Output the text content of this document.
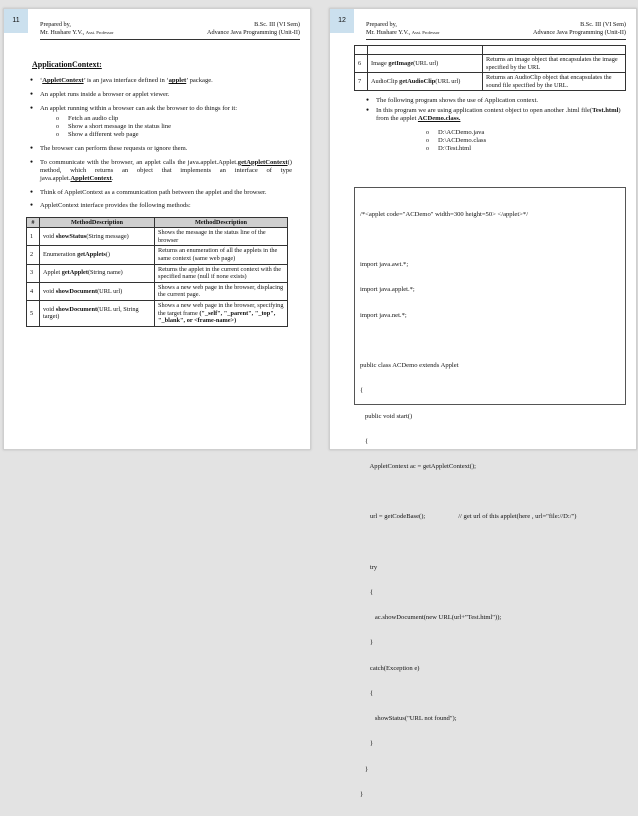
11
Prepared by,
Mr. Hushare Y.V., Asst. Professor
B.Sc. III (VI Sem)
Advance Java Programming (Unit-II)
ApplicationContext:
● ‘AppletContext’ is an java interface defined in ‘applet’ package.
● An applet runs inside a browser or applet viewer.
● An applet running within a browser can ask the browser to do things for it:
o Fetch an audio clip
o Show a short message in the status line
o Show a different web page
● The browser can perform these requests or ignore them.
● To communicate with the browser, an applet calls the java.applet.Applet.getAppletContext() method, which returns an object that implements an interface of type java.applet.AppletContext.
● Think of AppletContext as a communication path between the applet and the browser.
● AppletContext interface provides the following methods:
#	MethodDescription	MethodDescription
1	void showStatus(String message)	Shows the message in the status line of the browser
2	Enumeration getApplets()	Returns an enumeration of all the applets in the same context (same web page)
3	Applet getApplet(String name)	Returns the applet in the current context with the specified name (null if none exists)
4	void showDocument(URL url)	Shows a new web page in the browser, displacing the current page.
5	void showDocument(URL url, String target)	Shows a new web page in the browser, specifying the target frame ("_self", "_parent", "_top", "_blank", or <frame-name>)
12
Prepared by,
Mr. Hushare Y.V., Asst. Professor
B.Sc. III (VI Sem)
Advance Java Programming (Unit-II)

6	Image getImage(URL url)	Returns an image object that encapsulates the image specified by the URL
7	AudioClip getAudioClip(URL url)	Returns an AudioClip object that encapsulates the sound file specified by the URL.
● The following program shows the use of Application context.
● In this program we are using application context object to open another .html file(Test.html) from the applet ACDemo.class.
o D:\ACDemo.java
o D:\ACDemo.class
o D:\Test.html

/*<applet code="ACDemo" width=300 height=50> </applet>*/

import java.awt.*;

import java.applet.*;

import java.net.*;

public class ACDemo extends Applet

{

public void start()

{

AppletContext ac = getAppletContext();

url = getCodeBase();                    // get url of this applet(here , url="file://D:/")

try

{

ac.showDocument(new URL(url+"Test.html"));

}

catch(Exception e)

{

showStatus("URL not found");

}

}

}
